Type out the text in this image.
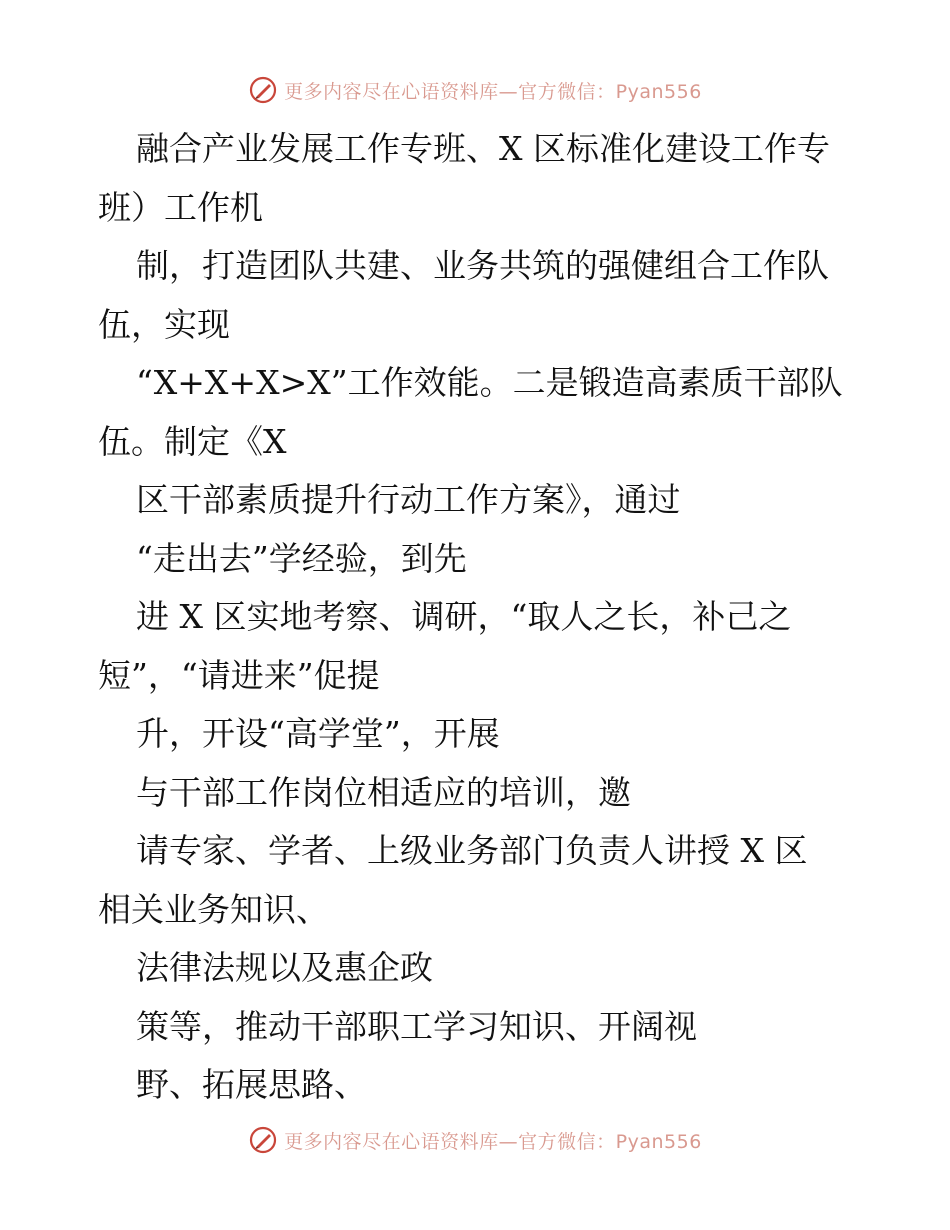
更多内容尽在心语资料库—官方微信：Pyan556
融合产业发展工作专班、X 区标准化建设工作专
班）工作机
制，打造团队共建、业务共筑的强健组合工作队
伍，实现
“X+X+X>X”工作效能。二是锻造高素质干部队
伍。制定《X
区干部素质提升行动工作方案》，通过
“走出去”学经验，到先
进 X 区实地考察、调研，“取人之长，补己之
短”，“请进来”促提
升，开设“高学堂”，开展
与干部工作岗位相适应的培训，邀
请专家、学者、上级业务部门负责人讲授 X 区
相关业务知识、
法律法规以及惠企政
策等，推动干部职工学习知识、开阔视
野、拓展思路、
更多内容尽在心语资料库—官方微信：Pyan556
